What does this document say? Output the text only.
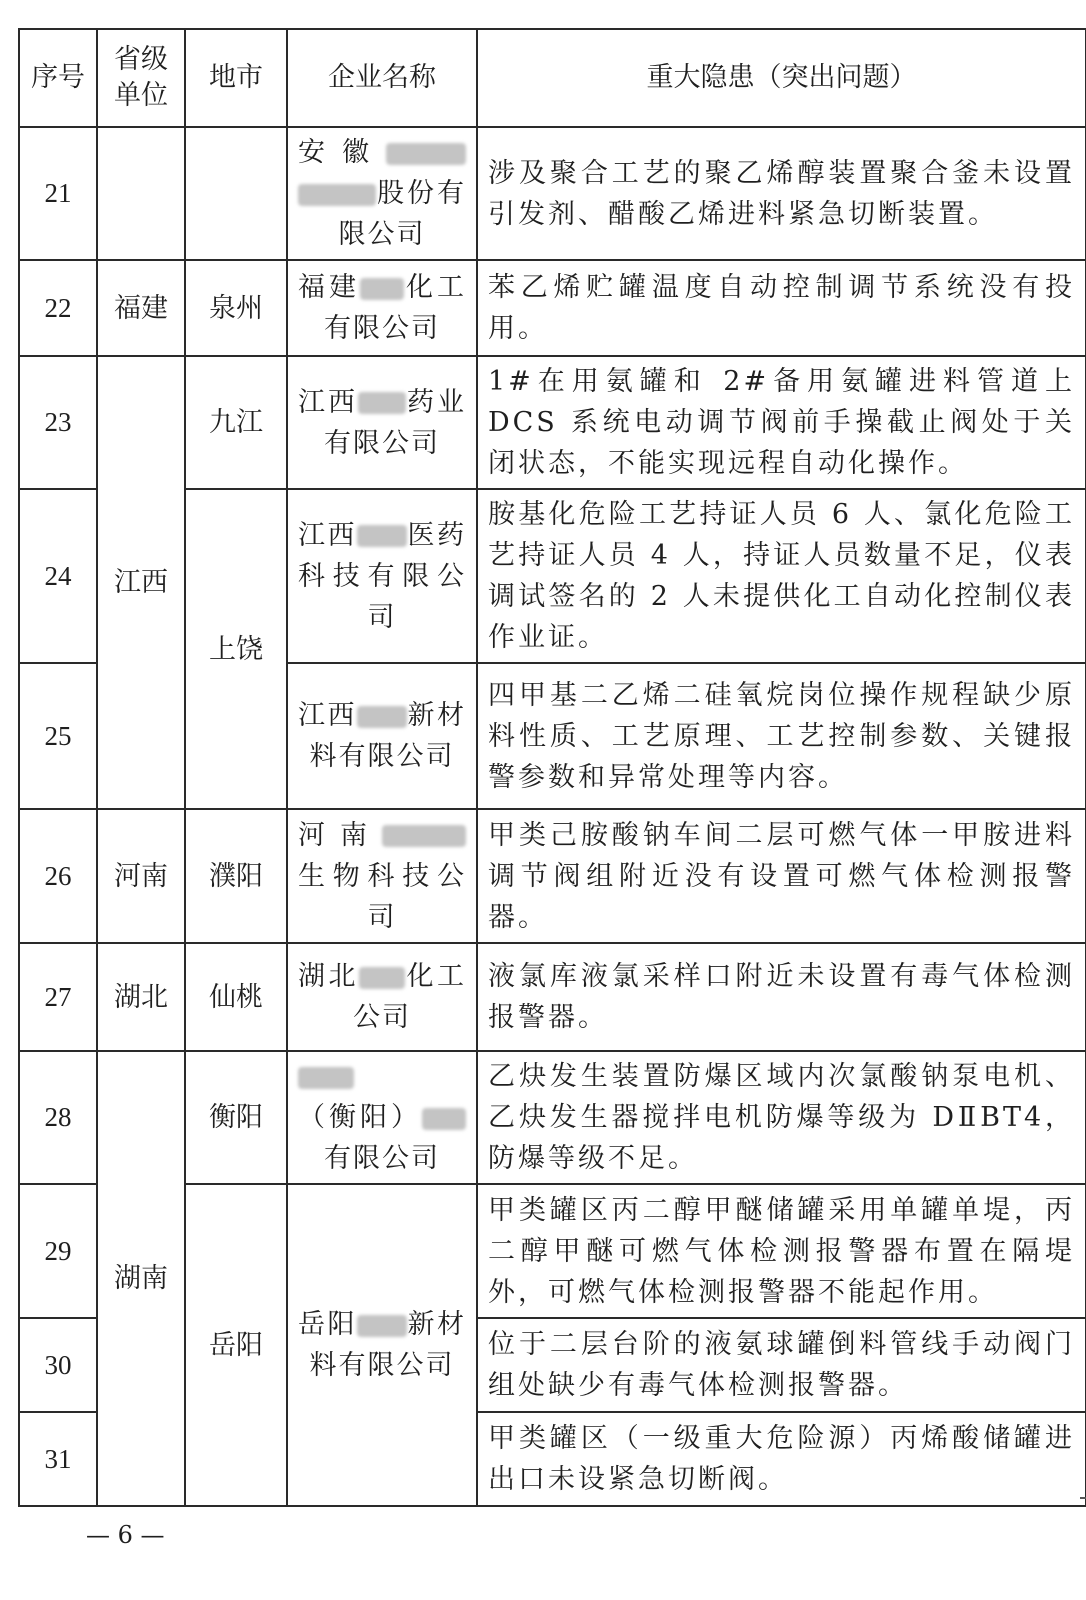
序号	省级单位	地市	企业名称	重大隐患（突出问题）
21			安徽股份有限公司	涉及聚合工艺的聚乙烯醇装置聚合釜未设置引发剂、醋酸乙烯进料紧急切断装置。
22	福建	泉州	福建 化工有限公司	苯乙烯贮罐温度自动控制调节系统没有投用。
23	江西	九江	江西 药业有限公司	1#在用氨罐和 2#备用氨罐进料管道上 DCS 系统电动调节阀前手操截止阀处于关闭状态，不能实现远程自动化操作。
24		上饶	江西 医药科技有限公司	胺基化危险工艺持证人员 6 人、氯化危险工艺持证人员 4 人，持证人员数量不足，仪表调试签名的 2 人未提供化工自动化控制仪表作业证。
25			江西 新材料有限公司	四甲基二乙烯二硅氧烷岗位操作规程缺少原料性质、工艺原理、工艺控制参数、关键报警参数和异常处理等内容。
26	河南	濮阳	河南生物科技公司	甲类己胺酸钠车间二层可燃气体一甲胺进料调节阀组附近没有设置可燃气体检测报警器。
27	湖北	仙桃	湖北 化工公司	液氯库液氯采样口附近未设置有毒气体检测报警器。
28	湖南	衡阳	（衡阳）有限公司	乙炔发生装置防爆区域内次氯酸钠泵电机、乙炔发生器搅拌电机防爆等级为 DⅡBT4，防爆等级不足。
29		岳阳	岳阳 新材料有限公司	甲类罐区丙二醇甲醚储罐采用单罐单堤，丙二醇甲醚可燃气体检测报警器布置在隔堤外，可燃气体检测报警器不能起作用。
30				位于二层台阶的液氨球罐倒料管线手动阀门组处缺少有毒气体检测报警器。
31				甲类罐区（一级重大危险源）丙烯酸储罐进出口未设紧急切断阀。
— 6 —
